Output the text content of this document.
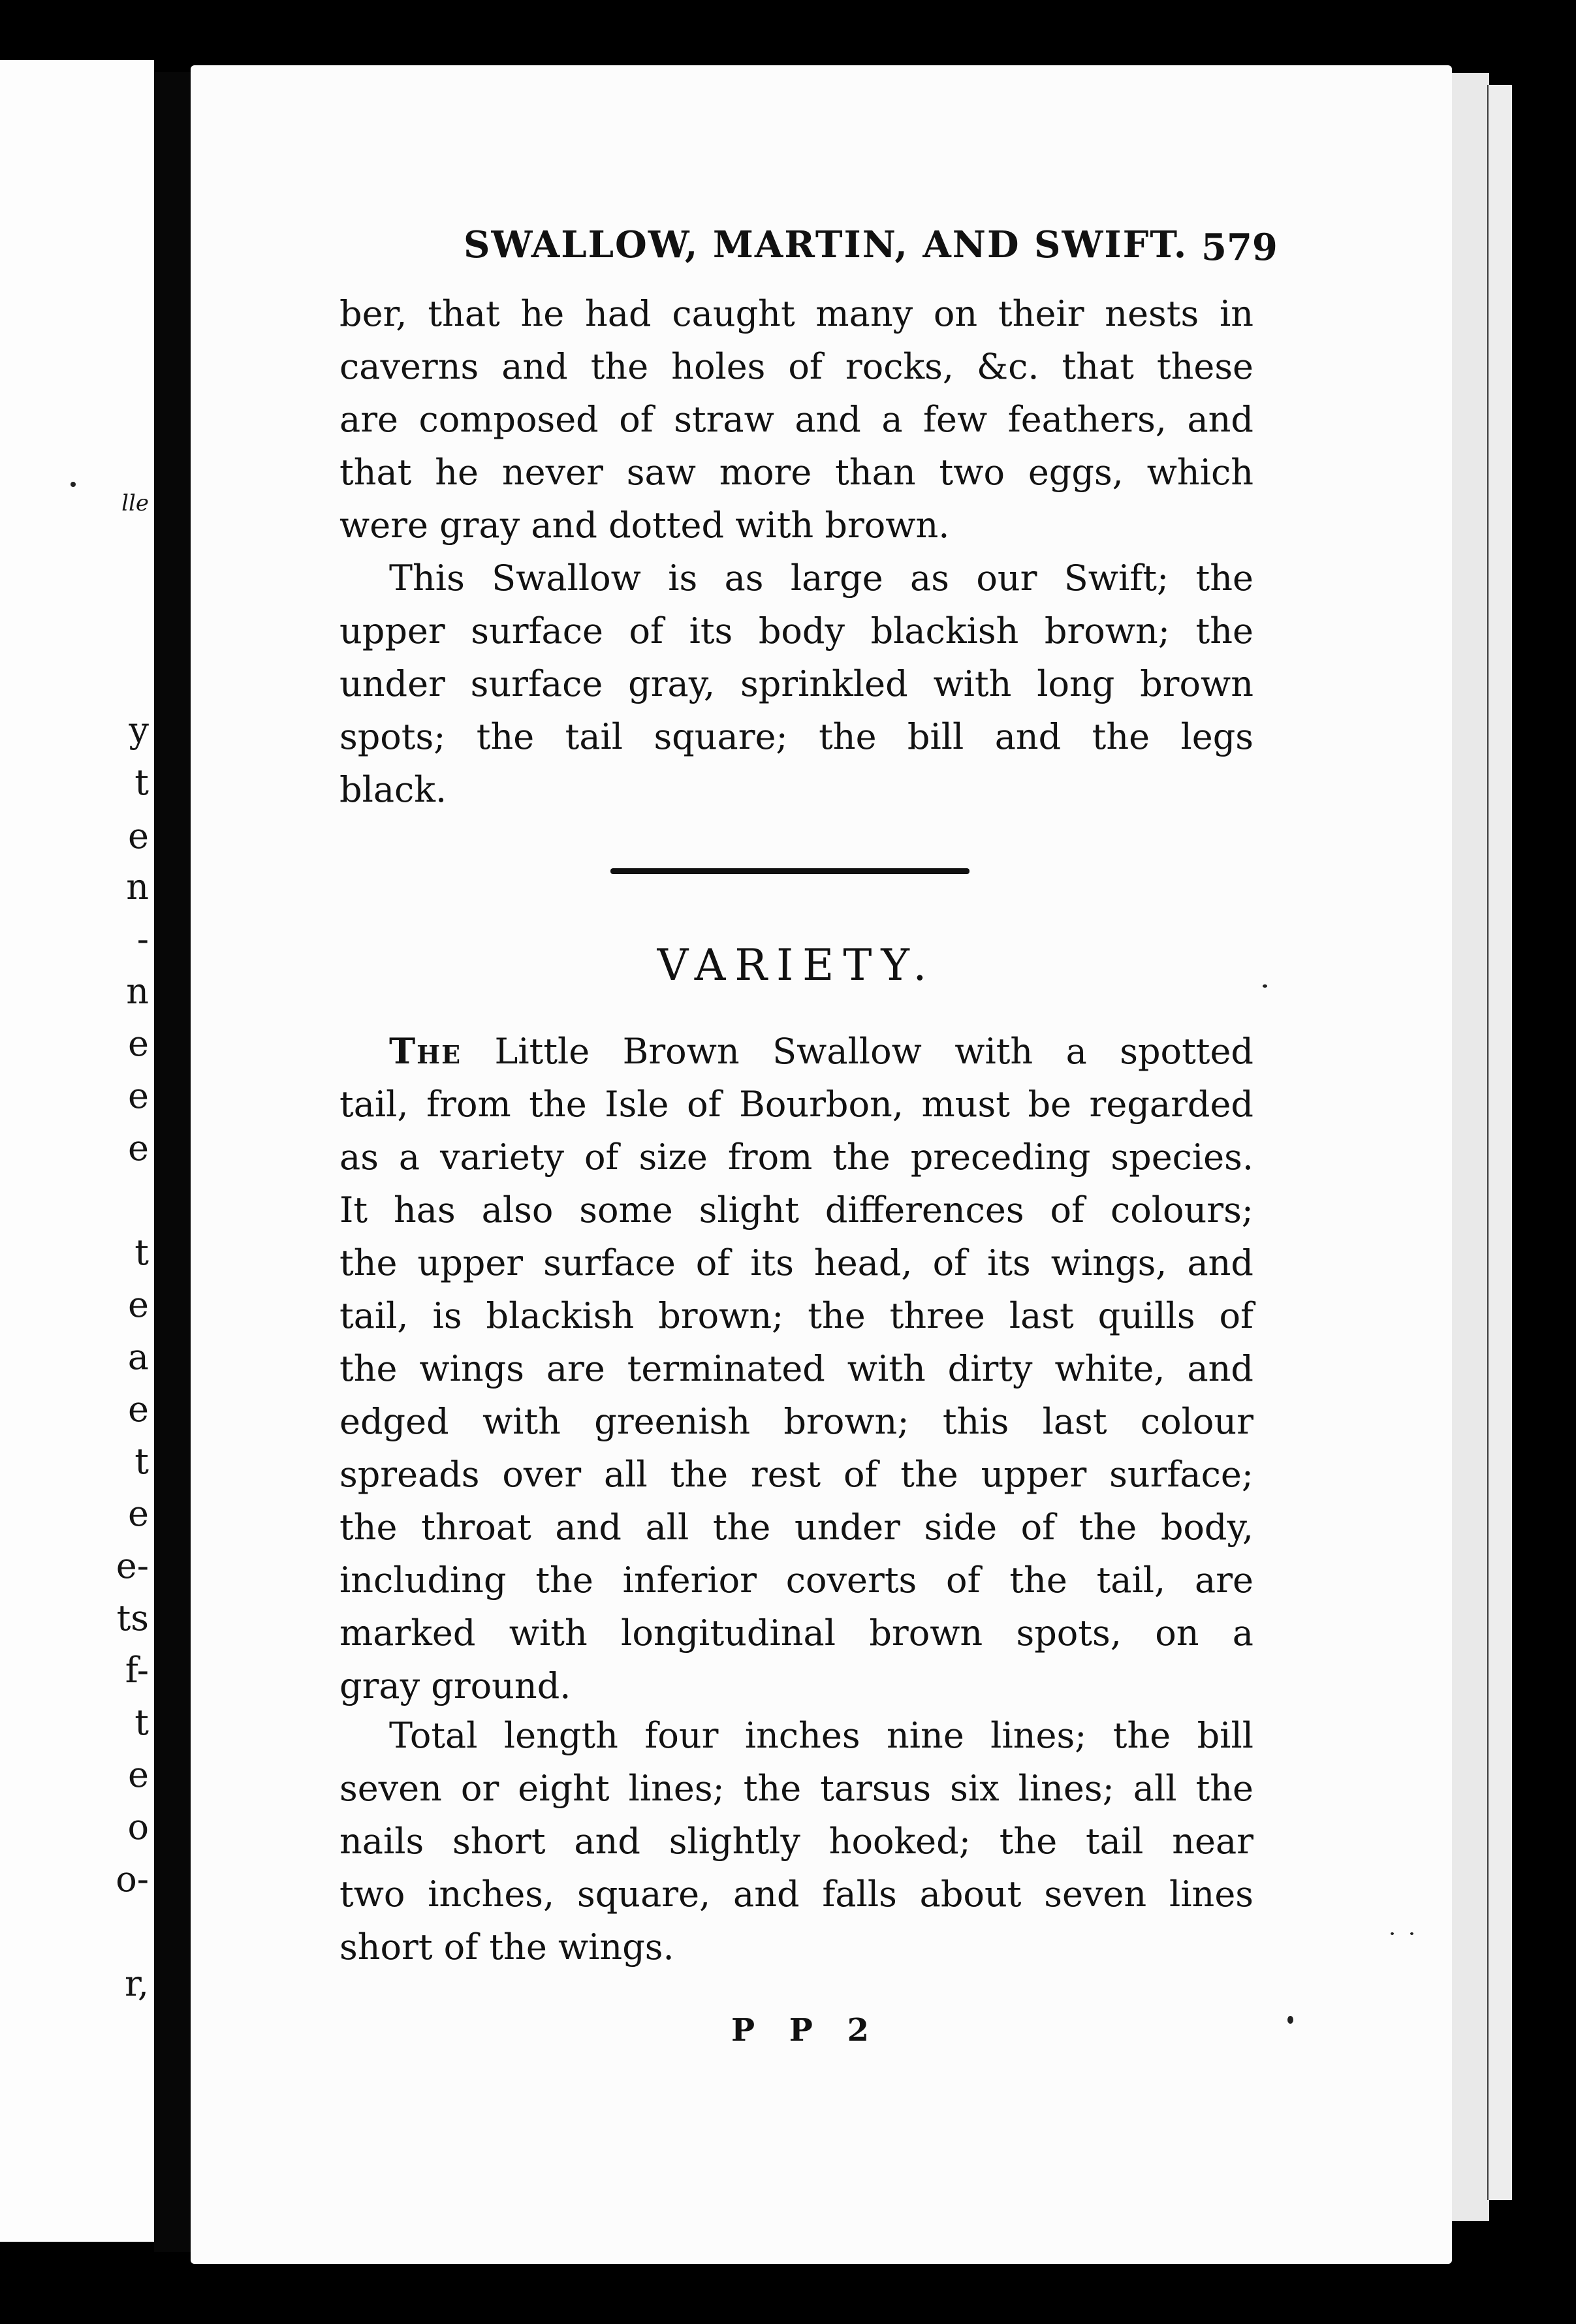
lle
y
t
e
n
-
n
e
e
e
t
e
a
e
t
e
e-
ts
f-
t
e
o
o-
r,
SWALLOW, MARTIN, AND SWIFT. 579
ber, that he had caught many on their nests in
caverns and the holes of rocks, &c. that these
are composed of straw and a few feathers, and
that he never saw more than two eggs, which
were gray and dotted with brown.
This Swallow is as large as our Swift; the
upper surface of its body blackish brown; the
under surface gray, sprinkled with long brown
spots; the tail square; the bill and the legs
black.
VARIETY.
The Little Brown Swallow with a spotted
tail, from the Isle of Bourbon, must be regarded
as a variety of size from the preceding species.
It has also some slight differences of colours;
the upper surface of its head, of its wings, and
tail, is blackish brown; the three last quills of
the wings are terminated with dirty white, and
edged with greenish brown; this last colour
spreads over all the rest of the upper surface;
the throat and all the under side of the body,
including the inferior coverts of the tail, are
marked with longitudinal brown spots, on a
gray ground.
Total length four inches nine lines; the bill
seven or eight lines; the tarsus six lines; all the
nails short and slightly hooked; the tail near
two inches, square, and falls about seven lines
short of the wings.
P P 2
